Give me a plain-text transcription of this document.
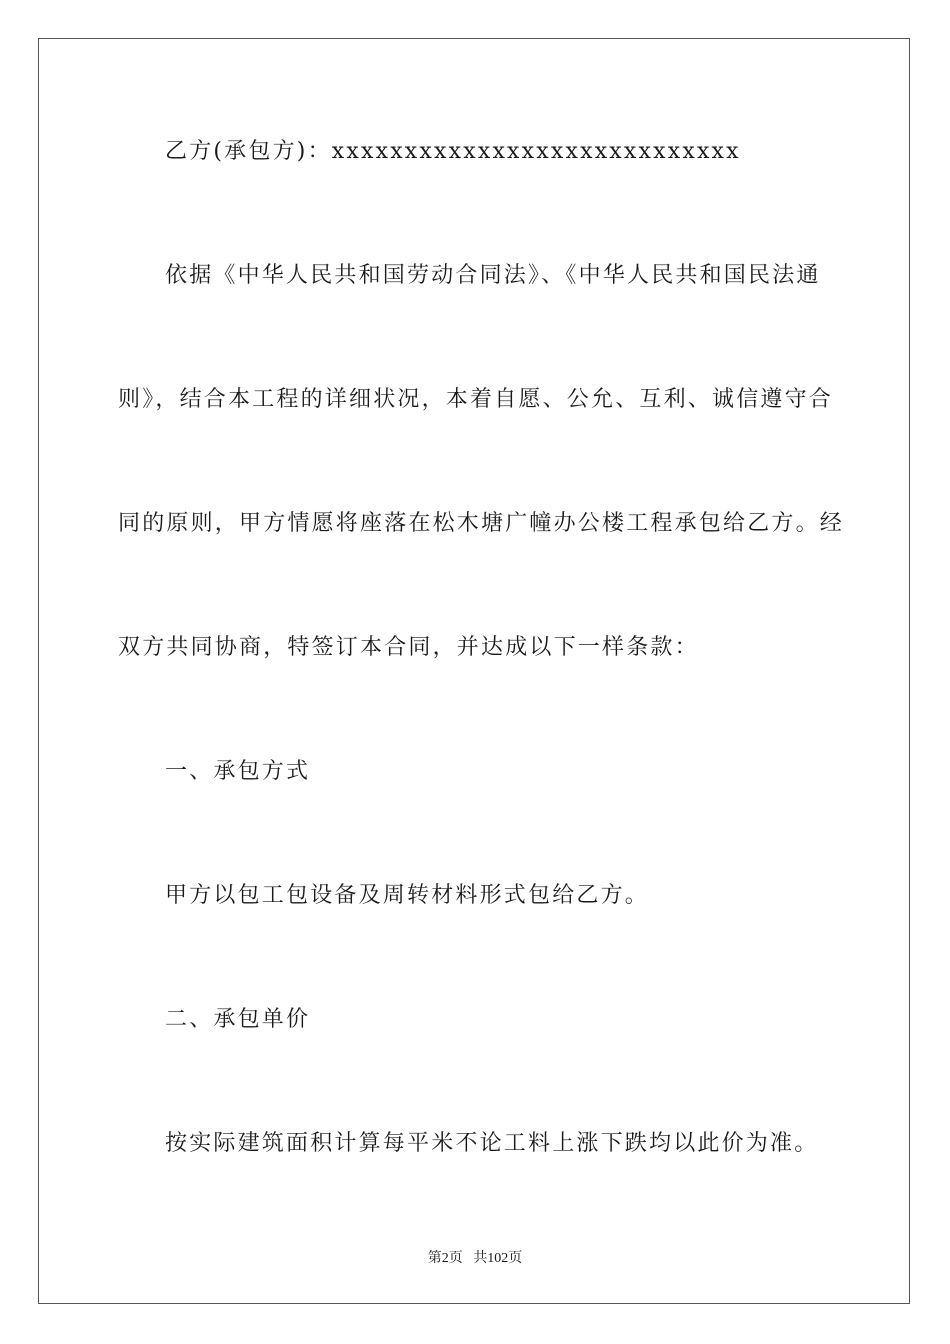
乙方(承包方)：xxxxxxxxxxxxxxxxxxxxxxxxxxxx
依据《中华人民共和国劳动合同法》、《中华人民共和国民法通
则》，结合本工程的详细状况，本着自愿、公允、互利、诚信遵守合
同的原则，甲方情愿将座落在松木塘广幢办公楼工程承包给乙方。经
双方共同协商，特签订本合同，并达成以下一样条款：
一、承包方式
甲方以包工包设备及周转材料形式包给乙方。
二、承包单价
按实际建筑面积计算每平米不论工料上涨下跌均以此价为准。
第2页 共102页
